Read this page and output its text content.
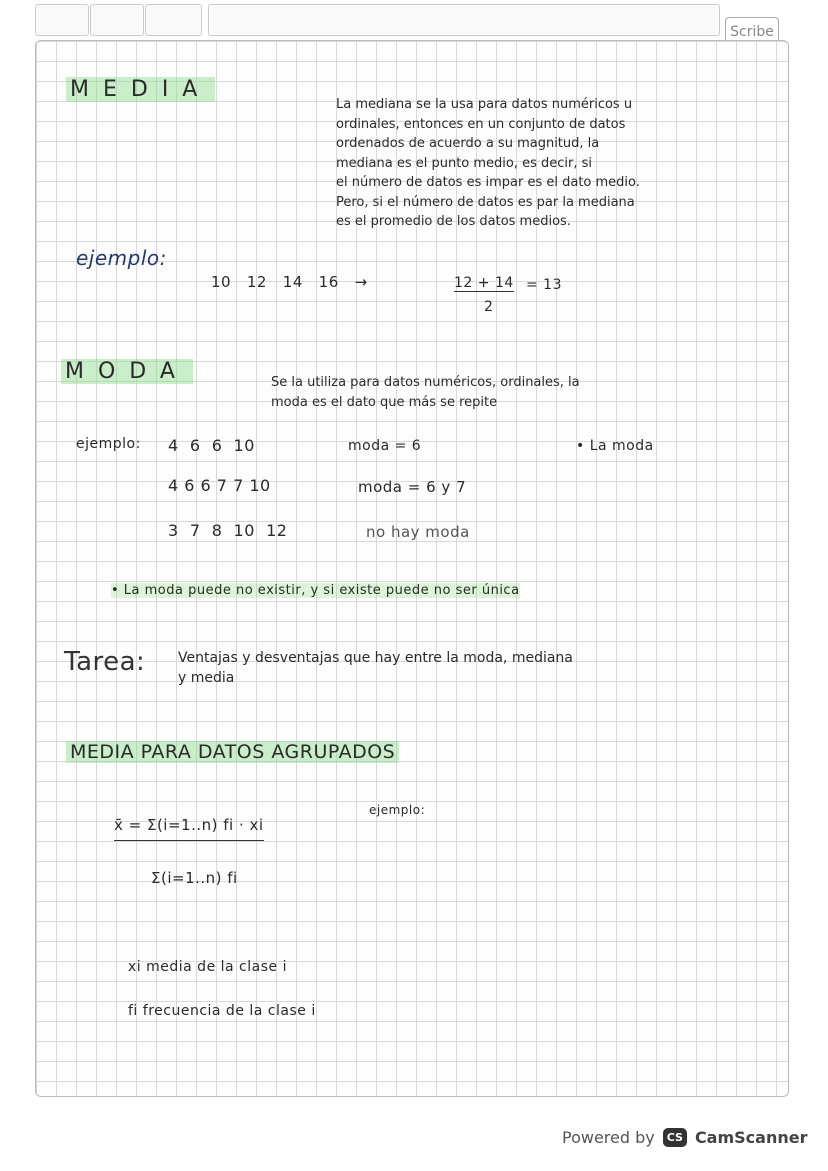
Scribe
MEDIA
La mediana se la usa para datos numéricos u
ordinales, entonces en un conjunto de datos
ordenados de acuerdo a su magnitud, la
mediana es el punto medio, es decir, si
el número de datos es impar es el dato medio.
Pero, si el número de datos es par la mediana
es el promedio de los datos medios.
ejemplo:
10   12   14   16   →	12 + 14
2
= 13
MODA	Se la utiliza para datos numéricos, ordinales, la
moda es el dato que más se repite
ejemplo: 4  6  6  10	moda = 6	• La moda
4 6 6 7 7 10	moda = 6 y 7
3  7  8  10  12	no hay moda
• La moda puede no existir, y si existe puede no ser única
Tarea: Ventajas y desventajas que hay entre la moda, mediana
y media
MEDIA PARA DATOS AGRUPADOS
x̄ = Σ(i=1..n) fi · xi
Σ(i=1..n) fi
ejemplo:
xi media de la clase i
fi frecuencia de la clase i
Powered by	CS CamScanner
